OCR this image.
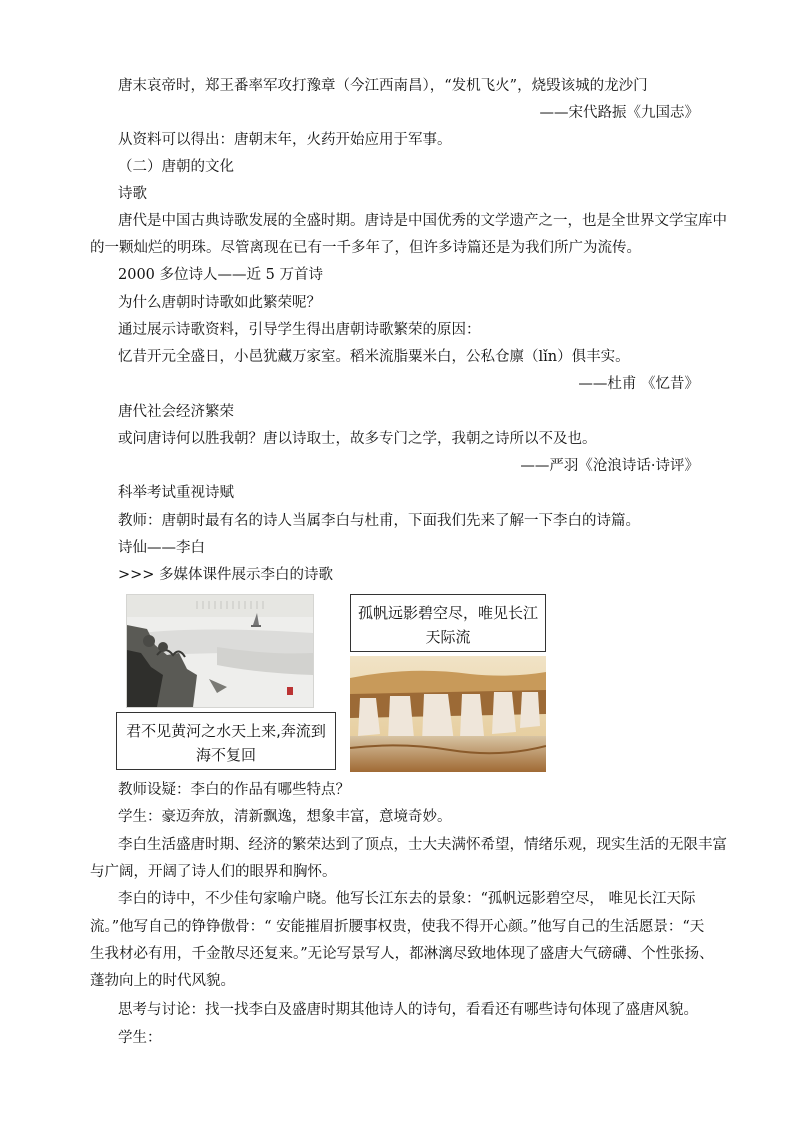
唐末哀帝时，郑王番率军攻打豫章（今江西南昌），“发机飞火”，烧毁该城的龙沙门
——宋代路振《九国志》
从资料可以得出：唐朝末年，火药开始应用于军事。
（二）唐朝的文化
诗歌
唐代是中国古典诗歌发展的全盛时期。唐诗是中国优秀的文学遗产之一，也是全世界文学宝库中
的一颗灿烂的明珠。尽管离现在已有一千多年了，但许多诗篇还是为我们所广为流传。
2000 多位诗人——近 5 万首诗
为什么唐朝时诗歌如此繁荣呢？
通过展示诗歌资料，引导学生得出唐朝诗歌繁荣的原因：
忆昔开元全盛日，小邑犹藏万家室。稻米流脂粟米白，公私仓廪（lǐn）俱丰实。
——杜甫 《忆昔》
唐代社会经济繁荣
或问唐诗何以胜我朝？唐以诗取士，故多专门之学，我朝之诗所以不及也。
——严羽《沧浪诗话·诗评》
科举考试重视诗赋
教师：唐朝时最有名的诗人当属李白与杜甫，下面我们先来了解一下李白的诗篇。
诗仙——李白
>>> 多媒体课件展示李白的诗歌
孤帆远影碧空尽，唯见长江天际流
君不见黄河之水天上来,奔流到海不复回
教师设疑：李白的作品有哪些特点？
学生：豪迈奔放，清新飘逸，想象丰富，意境奇妙。
李白生活盛唐时期、经济的繁荣达到了顶点，士大夫满怀希望，情绪乐观，现实生活的无限丰富
与广阔，开阔了诗人们的眼界和胸怀。
李白的诗中，不少佳句家喻户晓。他写长江东去的景象：“孤帆远影碧空尽， 唯见长江天际
流。”他写自己的铮铮傲骨：“ 安能摧眉折腰事权贵，使我不得开心颜。”他写自己的生活愿景：“天
生我材必有用，千金散尽还复来。”无论写景写人，都淋漓尽致地体现了盛唐大气磅礴、个性张扬、
蓬勃向上的时代风貌。
思考与讨论：找一找李白及盛唐时期其他诗人的诗句，看看还有哪些诗句体现了盛唐风貌。
学生：
